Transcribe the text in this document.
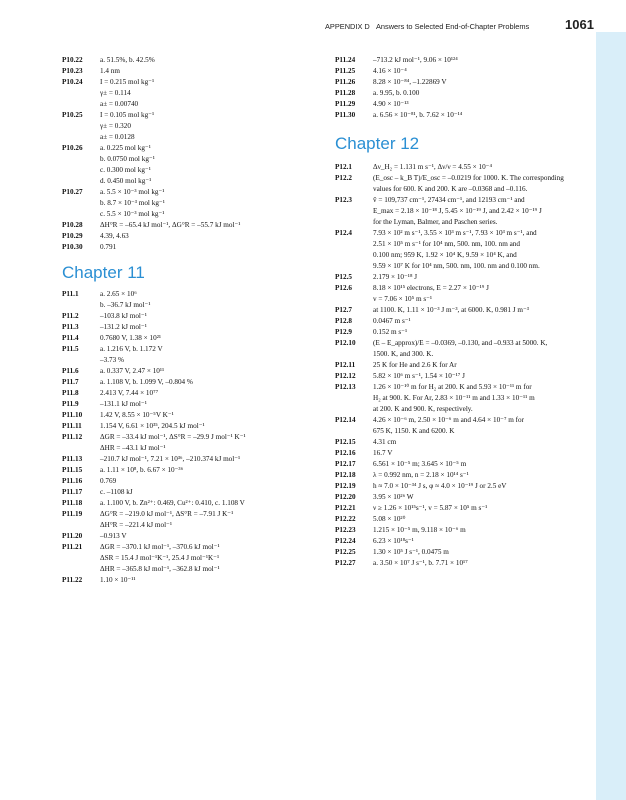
APPENDIX D Answers to Selected End-of-Chapter Problems	1061
P10.22	a. 51.5%, b. 42.5%
P10.23	1.4 nm
P10.24	I = 0.215 mol kg⁻¹
γ± = 0.114
a± = 0.00740
P10.25	I = 0.105 mol kg⁻¹
γ± = 0.320
a± = 0.0128
P10.26	a. 0.225 mol kg⁻¹
b. 0.0750 mol kg⁻¹
c. 0.300 mol kg⁻¹
d. 0.450 mol kg⁻¹
P10.27	a. 5.5 × 10⁻³ mol kg⁻¹
b. 8.7 × 10⁻³ mol kg⁻¹
c. 5.5 × 10⁻³ mol kg⁻¹
P10.28	ΔH°R = –65.4 kJ mol⁻¹, ΔG°R = –55.7 kJ mol⁻¹
P10.29	4.39, 4.63
P10.30	0.791
Chapter 11
P11.1	a. 2.65 × 10⁶
b. –36.7 kJ mol⁻¹
P11.2	–103.8 kJ mol⁻¹
P11.3	–131.2 kJ mol⁻¹
P11.4	0.7680 V, 1.38 × 10²¹
P11.5	a. 1.216 V, b. 1.172 V
–3.73 %
P11.6	a. 0.337 V, 2.47 × 10¹¹
P11.7	a. 1.108 V, b. 1.099 V, –0.804 %
P11.8	2.413 V, 7.44 × 10⁷⁷
P11.9	–131.1 kJ mol⁻¹
P11.10	1.42 V, 8.55 × 10⁻⁵V K⁻¹
P11.11	1.154 V, 6.61 × 10³⁵, 204.5 kJ mol⁻¹
P11.12	ΔGR = –33.4 kJ mol⁻¹, ΔS°R = –29.9 J mol⁻¹ K⁻¹
ΔHR = –43.1 kJ mol⁻¹
P11.13	–210.7 kJ mol⁻¹, 7.21 × 10³⁶, –210.374 kJ mol⁻¹
P11.15	a. 1.11 × 10⁸, b. 6.67 × 10⁻³⁶
P11.16	0.769
P11.17	c. –1108 kJ
P11.18	a. 1.100 V, b. Zn²⁺: 0.469, Cu²⁺: 0.410, c. 1.108 V
P11.19	ΔG°R = –219.0 kJ mol⁻¹, ΔS°R = –7.91 J K⁻¹
ΔH°R = –221.4 kJ mol⁻¹
P11.20	–0.913 V
P11.21	ΔGR = –370.1 kJ mol⁻¹, –370.6 kJ mol⁻¹
ΔSR = 15.4 J mol⁻¹K⁻¹, 25.4 J mol⁻¹K⁻¹
ΔHR = –365.8 kJ mol⁻¹, –362.8 kJ mol⁻¹
P11.22	1.10 × 10⁻¹¹
P11.24	–713.2 kJ mol⁻¹, 9.06 × 10¹²⁴
P11.25	4.16 × 10⁻⁴
P11.26	8.28 × 10⁻⁸⁴, –1.22869 V
P11.28	a. 9.95, b. 0.100
P11.29	4.90 × 10⁻¹³
P11.30	a. 6.56 × 10⁻⁸¹, b. 7.62 × 10⁻¹⁴
Chapter 12
P12.1	Δν_H₂ = 1.131 m s⁻¹, Δν/ν = 4.55 × 10⁻⁴
P12.2	(E_osc – k_B T)/E_osc = –0.0219 for 1000. K. The corresponding
values for 600. K and 200. K are –0.0368 and –0.116.
P12.3	ṽ = 109,737 cm⁻¹, 27434 cm⁻¹, and 12193 cm⁻¹ and
E_max = 2.18 × 10⁻¹⁸ J, 5.45 × 10⁻¹⁹ J, and 2.42 × 10⁻¹⁹ J
for the Lyman, Balmer, and Paschen series.
P12.4	7.93 × 10² m s⁻¹, 3.55 × 10³ m s⁻¹, 7.93 × 10³ m s⁻¹, and
2.51 × 10⁵ m s⁻¹ for 10⁴ nm, 500. nm, 100. nm and
0.100 nm; 959 K, 1.92 × 10⁴ K, 9.59 × 10⁴ K, and
9.59 × 10⁷ K for 10⁴ nm, 500. nm, 100. nm and 0.100 nm.
P12.5	2.179 × 10⁻¹⁸ J
P12.6	8.18 × 10¹⁵ electrons, E = 2.27 × 10⁻¹⁹ J
v = 7.06 × 10⁵ m s⁻¹
P12.7	at 1100. K, 1.11 × 10⁻³ J m⁻³, at 6000. K, 0.981 J m⁻³
P12.8	0.0467 m s⁻¹
P12.9	0.152 m s⁻¹
P12.10	(E – E_approx)/E = –0.0369, –0.130, and –0.933 at 5000. K,
1500. K, and 300. K.
P12.11	25 K for He and 2.6 K for Ar
P12.12	5.82 × 10⁶ m s⁻¹, 1.54 × 10⁻¹⁷ J
P12.13	1.26 × 10⁻¹⁰ m for H₂ at 200. K and 5.93 × 10⁻¹¹ m for
H₂ at 900. K. For Ar, 2.83 × 10⁻¹¹ m and 1.33 × 10⁻¹¹ m
at 200. K and 900. K, respectively.
P12.14	4.26 × 10⁻⁶ m, 2.50 × 10⁻⁶ m and 4.64 × 10⁻⁷ m for
675 K, 1150. K and 6200. K
P12.15	4.31 cm
P12.16	16.7 V
P12.17	6.561 × 10⁻⁵ m; 3.645 × 10⁻⁵ m
P12.18	λ = 0.992 nm, n = 2.18 × 10¹⁴ s⁻¹
P12.19	h ≈ 7.0 × 10⁻³⁴ J s, φ ≈ 4.0 × 10⁻¹⁹ J or 2.5 eV
P12.20	3.95 × 10²⁶ W
P12.21	ν ≥ 1.26 × 10¹⁵s⁻¹, v = 5.87 × 10⁵ m s⁻¹
P12.22	5.08 × 10²⁰
P12.23	1.215 × 10⁻⁵ m, 9.118 × 10⁻⁶ m
P12.24	6.23 × 10¹⁸s⁻¹
P12.25	1.30 × 10⁵ J s⁻¹, 0.0475 m
P12.27	a. 3.50 × 10⁷ J s⁻¹, b. 7.71 × 10¹⁷
